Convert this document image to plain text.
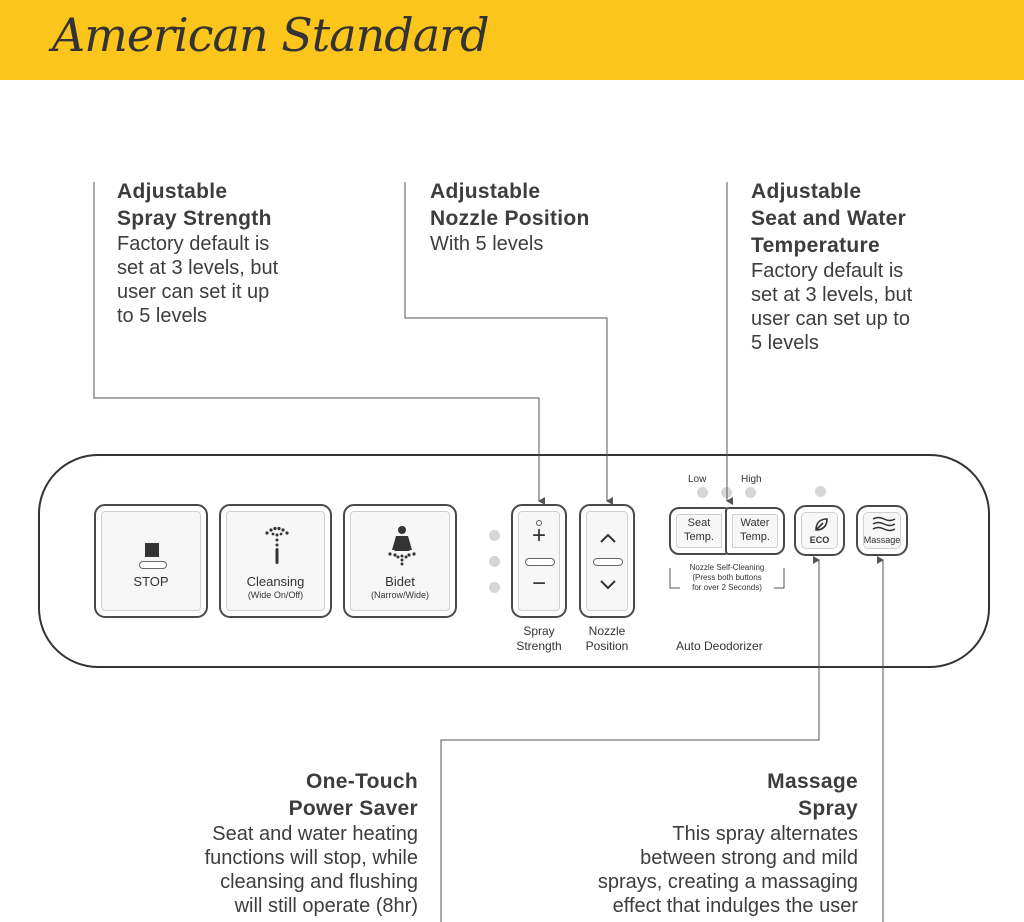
American Standard
Adjustable
Spray Strength
Factory default is
set at 3 levels, but
user can set it up
to 5 levels
Adjustable
Nozzle Position
With 5 levels
Adjustable
Seat and Water
Temperature
Factory default is
set at 3 levels, but
user can set up to
5 levels
One-Touch
Power Saver
Seat and water heating
functions will stop, while
cleansing and flushing
will still operate (8hr)
Massage
Spray
This spray alternates
between strong and mild
sprays, creating a massaging
effect that indulges the user
STOP	Cleansing
(Wide On/Off)
Bidet
(Narrow/Wide)
+
−
Spray
Strength
Nozzle
Position
Low	High
Seat
Temp.
Water
Temp.
Nozzle Self-Cleaning
(Press both buttons
for over 2 Seconds)
ECO	Massage
Auto Deodorizer
